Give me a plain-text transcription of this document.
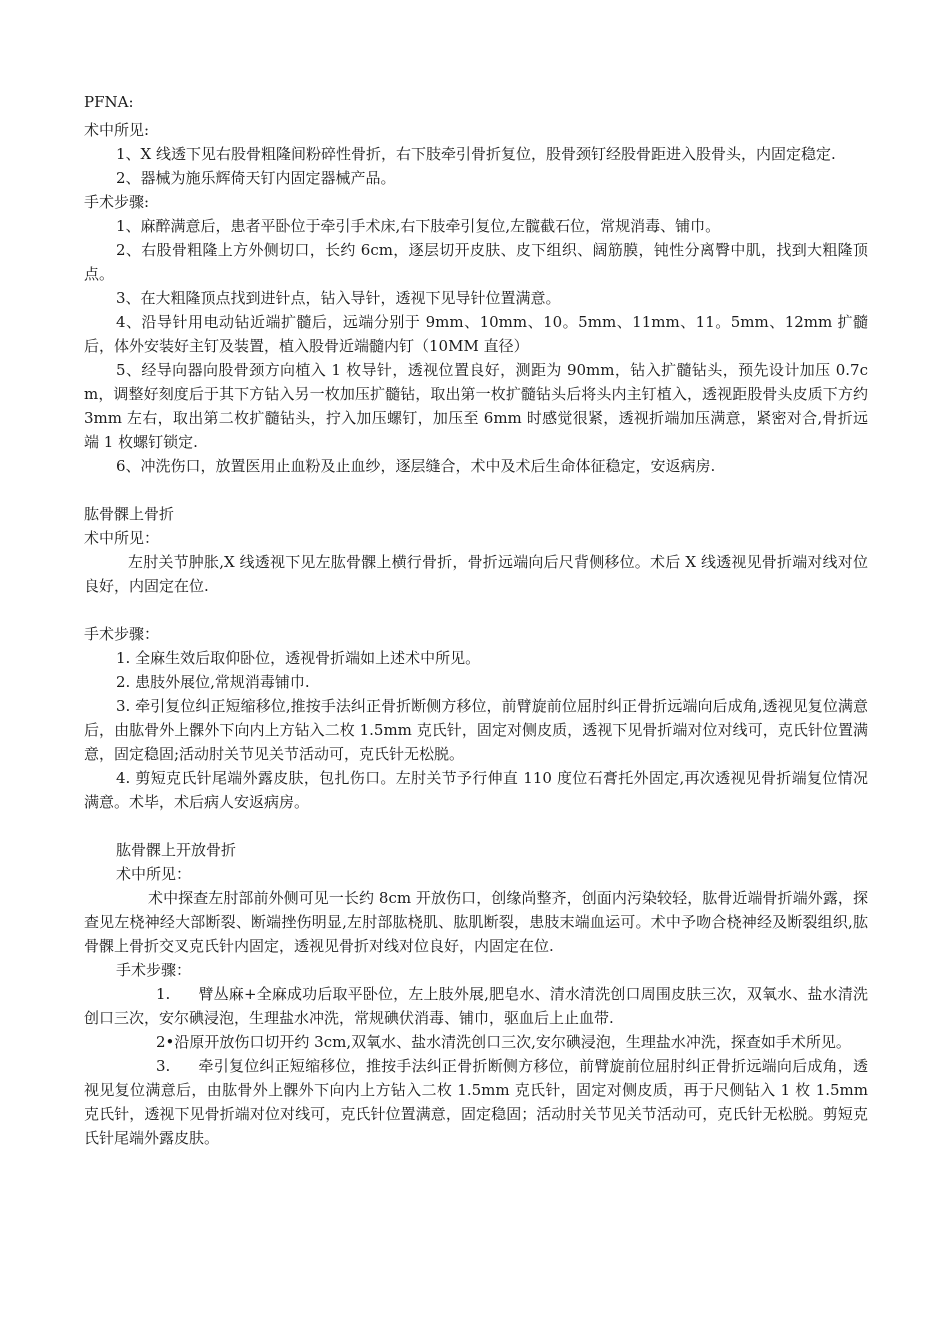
PFNA:

术中所见:

1、X 线透下见右股骨粗隆间粉碎性骨折，右下肢牵引骨折复位，股骨颈钉经股骨距进入股骨头，内固定稳定.

2、器械为施乐辉倚天钉内固定器械产品。

手术步骤:

1、麻醉满意后，患者平卧位于牵引手术床,右下肢牵引复位,左髋截石位，常规消毒、铺巾。

2、右股骨粗隆上方外侧切口，长约 6cm，逐层切开皮肤、皮下组织、阔筋膜，钝性分离臀中肌，找到大粗隆顶点。

3、在大粗隆顶点找到进针点，钻入导针，透视下见导针位置满意。

4、沿导针用电动钻近端扩髓后，远端分别于 9mm、10mm、10。5mm、11mm、11。5mm、12mm 扩髓后，体外安装好主钉及装置，植入股骨近端髓内钉（10MM 直径）

5、经导向器向股骨颈方向植入 1 枚导针，透视位置良好，测距为 90mm，钻入扩髓钻头，预先设计加压 0.7cm，调整好刻度后于其下方钻入另一枚加压扩髓钻，取出第一枚扩髓钻头后将头内主钉植入，透视距股骨头皮质下方约 3mm 左右，取出第二枚扩髓钻头，拧入加压螺钉，加压至 6mm 时感觉很紧，透视折端加压满意，紧密对合,骨折远端 1 枚螺钉锁定.

6、冲洗伤口，放置医用止血粉及止血纱，逐层缝合，术中及术后生命体征稳定，安返病房.

肱骨髁上骨折

术中所见：

左肘关节肿胀,X 线透视下见左肱骨髁上横行骨折，骨折远端向后尺背侧移位。术后 X 线透视见骨折端对线对位良好，内固定在位.

手术步骤：

1. 全麻生效后取仰卧位，透视骨折端如上述术中所见。

2. 患肢外展位,常规消毒铺巾.

3. 牵引复位纠正短缩移位,推按手法纠正骨折断侧方移位，前臂旋前位屈肘纠正骨折远端向后成角,透视见复位满意后，由肱骨外上髁外下向内上方钻入二枚 1.5mm 克氏针，固定对侧皮质，透视下见骨折端对位对线可，克氏针位置满意，固定稳固;活动肘关节见关节活动可，克氏针无松脱。

4. 剪短克氏针尾端外露皮肤，包扎伤口。左肘关节予行伸直 110 度位石膏托外固定,再次透视见骨折端复位情况满意。术毕，术后病人安返病房。

肱骨髁上开放骨折

术中所见：

术中探查左肘部前外侧可见一长约 8cm 开放伤口，创缘尚整齐，创面内污染较轻，肱骨近端骨折端外露，探查见左桡神经大部断裂、断端挫伤明显,左肘部肱桡肌、肱肌断裂，患肢末端血运可。术中予吻合桡神经及断裂组织,肱骨髁上骨折交叉克氏针内固定，透视见骨折对线对位良好，内固定在位.

手术步骤：

1. 臂丛麻+全麻成功后取平卧位，左上肢外展,肥皂水、清水清洗创口周围皮肤三次，双氧水、盐水清洗创口三次，安尔碘浸泡，生理盐水冲洗，常规碘伏消毒、铺巾，驱血后上止血带.

2•沿原开放伤口切开约 3cm,双氧水、盐水清洗创口三次,安尔碘浸泡，生理盐水冲洗，探查如手术所见。

3. 牵引复位纠正短缩移位，推按手法纠正骨折断侧方移位，前臂旋前位屈肘纠正骨折远端向后成角，透视见复位满意后，由肱骨外上髁外下向内上方钻入二枚 1.5mm 克氏针，固定对侧皮质，再于尺侧钻入 1 枚 1.5mm 克氏针，透视下见骨折端对位对线可，克氏针位置满意，固定稳固；活动肘关节见关节活动可，克氏针无松脱。剪短克氏针尾端外露皮肤。
